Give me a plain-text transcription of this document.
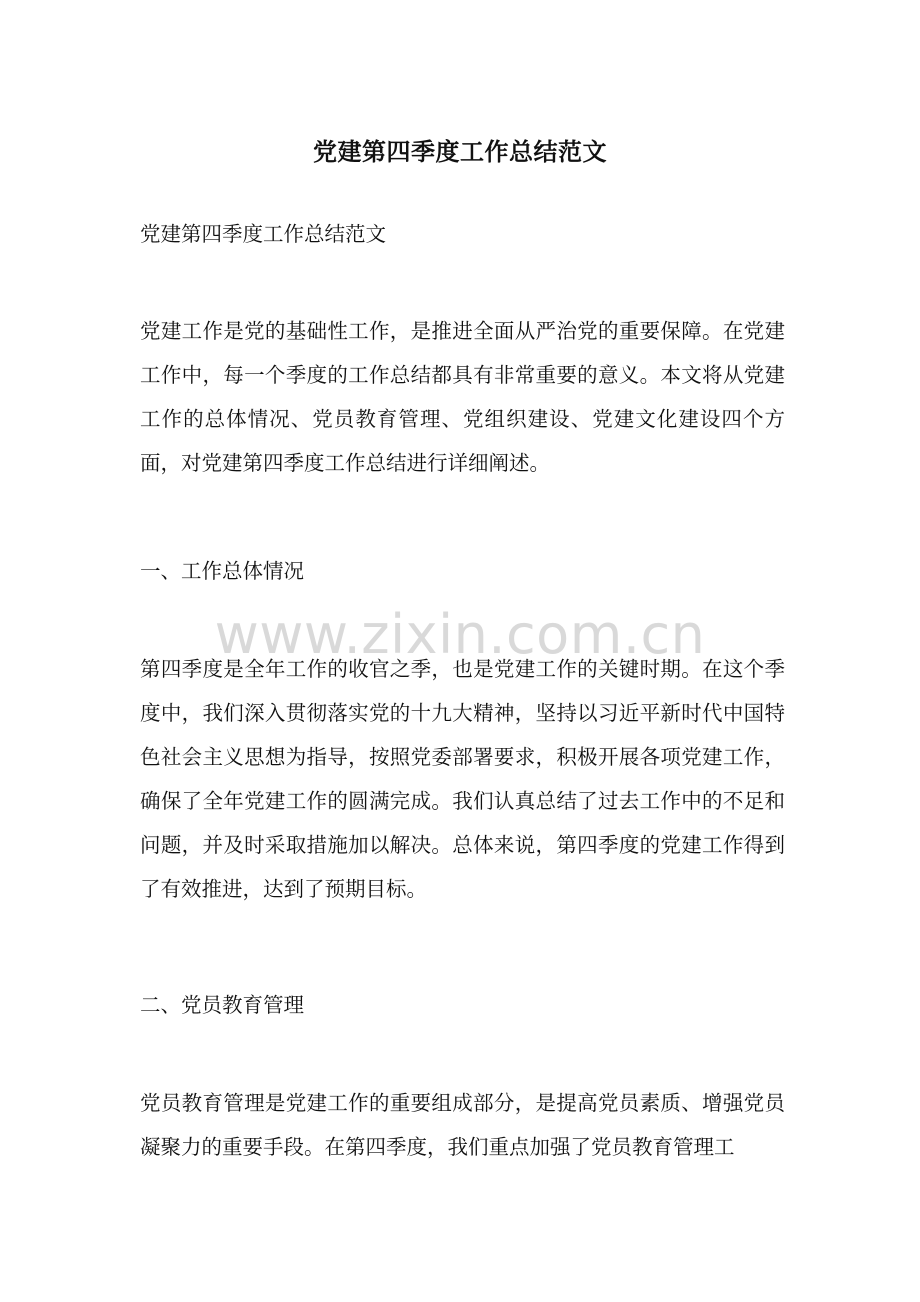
党建第四季度工作总结范文

党建第四季度工作总结范文

党建工作是党的基础性工作，是推进全面从严治党的重要保障。在党建工作中，每一个季度的工作总结都具有非常重要的意义。本文将从党建工作的总体情况、党员教育管理、党组织建设、党建文化建设四个方面，对党建第四季度工作总结进行详细阐述。

一、工作总体情况

第四季度是全年工作的收官之季，也是党建工作的关键时期。在这个季度中，我们深入贯彻落实党的十九大精神，坚持以习近平新时代中国特色社会主义思想为指导，按照党委部署要求，积极开展各项党建工作，确保了全年党建工作的圆满完成。我们认真总结了过去工作中的不足和问题，并及时采取措施加以解决。总体来说，第四季度的党建工作得到了有效推进，达到了预期目标。

二、党员教育管理

党员教育管理是党建工作的重要组成部分，是提高党员素质、增强党员凝聚力的重要手段。在第四季度，我们重点加强了党员教育管理工

www.zixin.com.cn
